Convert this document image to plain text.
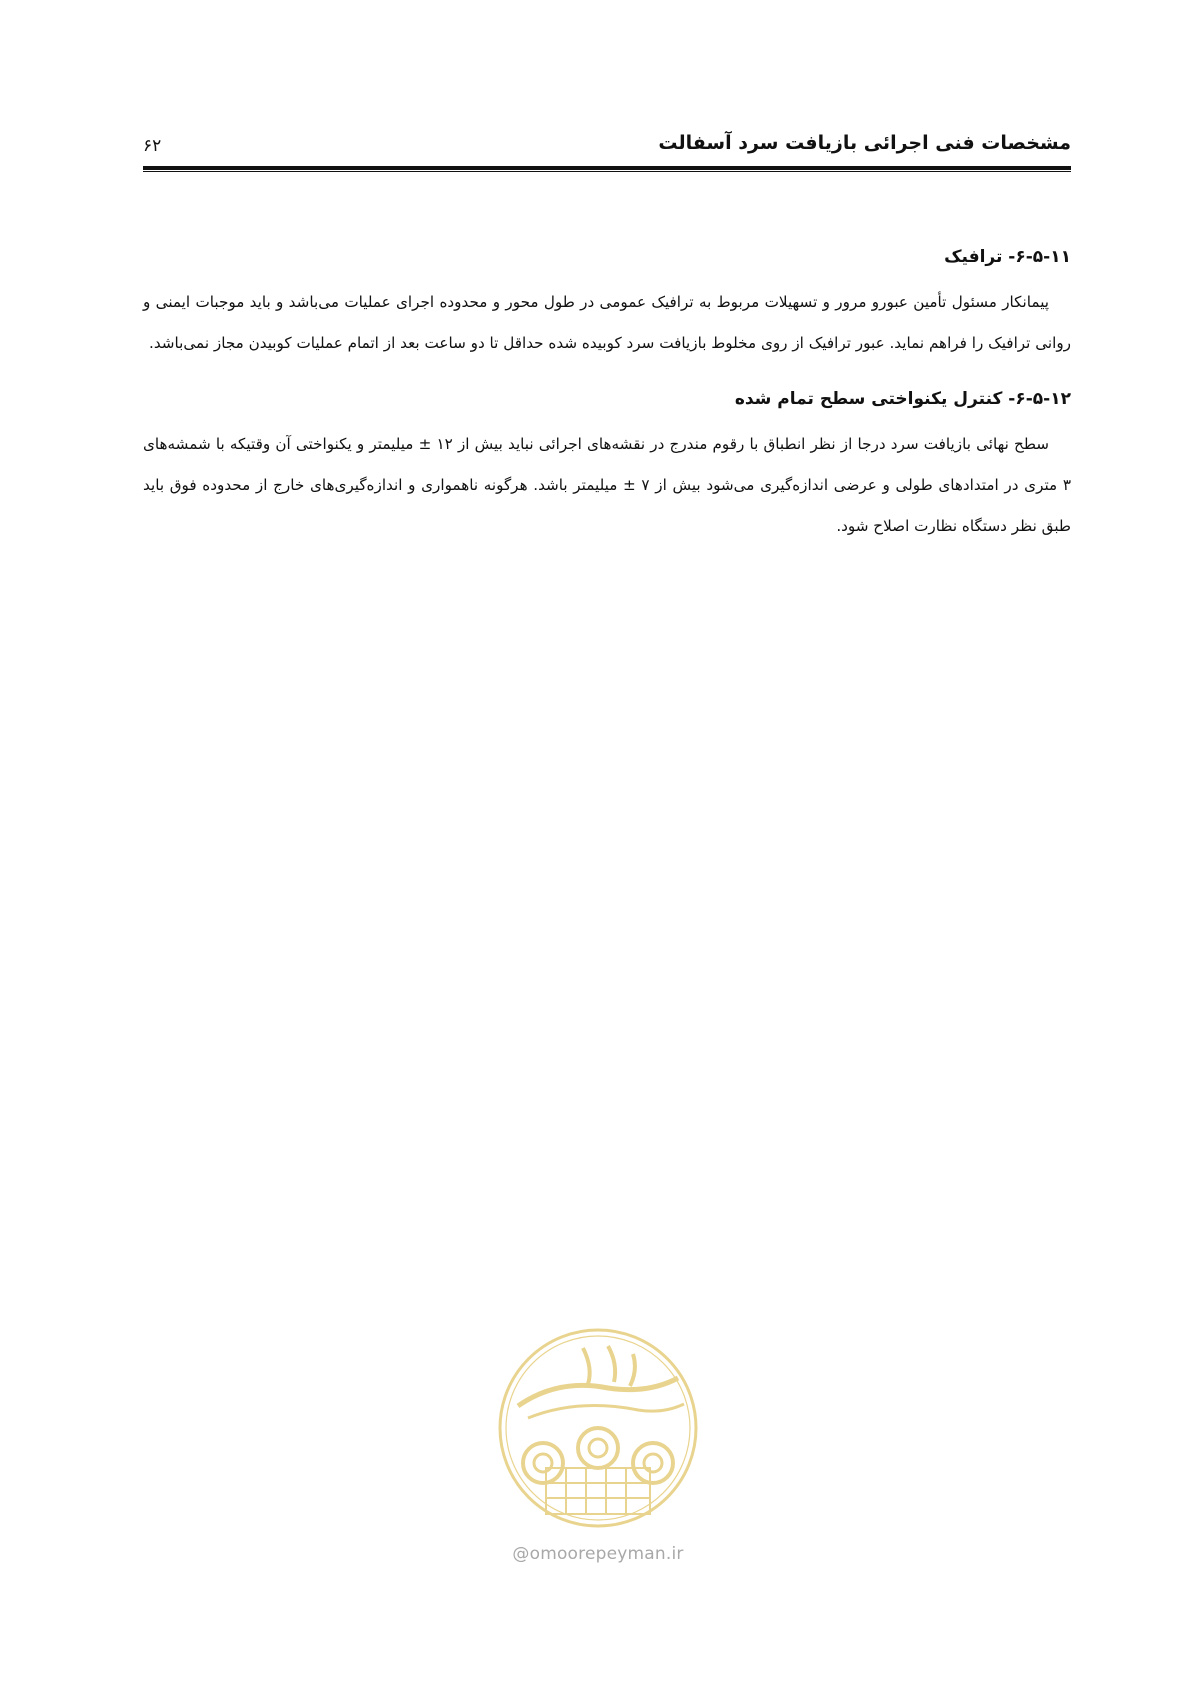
مشخصات فنی اجرائی بازیافت سرد آسفالت
۶۲
۶-۵-۱۱- ترافیک

پیمانکار مسئول تأمین عبورو مرور و تسهیلات مربوط به ترافیک عمومی در طول محور و محدوده اجرای عملیات می‌باشد و باید موجبات ایمنی و روانی ترافیک را فراهم نماید. عبور ترافیک از روی مخلوط بازیافت سرد کوبیده شده حداقل تا دو ساعت بعد از اتمام عملیات کوبیدن مجاز نمی‌باشد.

۶-۵-۱۲- کنترل یکنواختی سطح تمام شده

سطح نهائی بازیافت سرد درجا از نظر انطباق با رقوم مندرج در نقشه‌های اجرائی نباید بیش از ۱۲ ± میلیمتر و یکنواختی آن وقتیکه با شمشه‌های ۳ متری در امتدادهای طولی و عرضی اندازه‌گیری می‌شود بیش از ۷ ± میلیمتر باشد. هرگونه ناهمواری و اندازه‌گیری‌های خارج از محدوده فوق باید طبق نظر دستگاه نظارت اصلاح شود.

@omoorepeyman.ir
